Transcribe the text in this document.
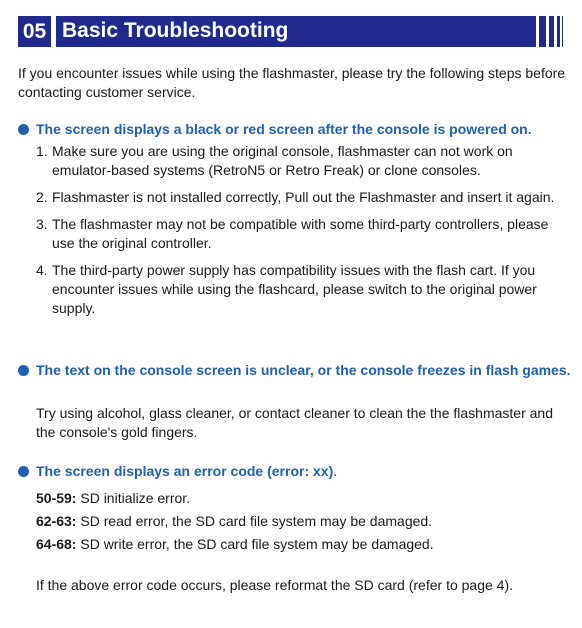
05 Basic Troubleshooting
If you encounter issues while using the flashmaster, please try the following steps before contacting customer service.
The screen displays a black or red screen after the console is powered on.
1. Make sure you are using the original console, flashmaster can not work on emulator-based systems (RetroN5 or Retro Freak) or clone consoles.
2. Flashmaster is not installed correctly, Pull out the Flashmaster and insert it again.
3. The flashmaster may not be compatible with some third-party controllers, please use the original controller.
4. The third-party power supply has compatibility issues with the flash cart. If you encounter issues while using the flashcard, please switch to the original power supply.
The text on the console screen is unclear, or the console freezes in flash games.
Try using alcohol, glass cleaner, or contact cleaner to clean the the flashmaster and the console's gold fingers.
The screen displays an error code (error: xx).
50-59: SD initialize error.
62-63: SD read error, the SD card file system may be damaged.
64-68: SD write error, the SD card file system may be damaged.
If the above error code occurs, please reformat the SD card (refer to page 4).
